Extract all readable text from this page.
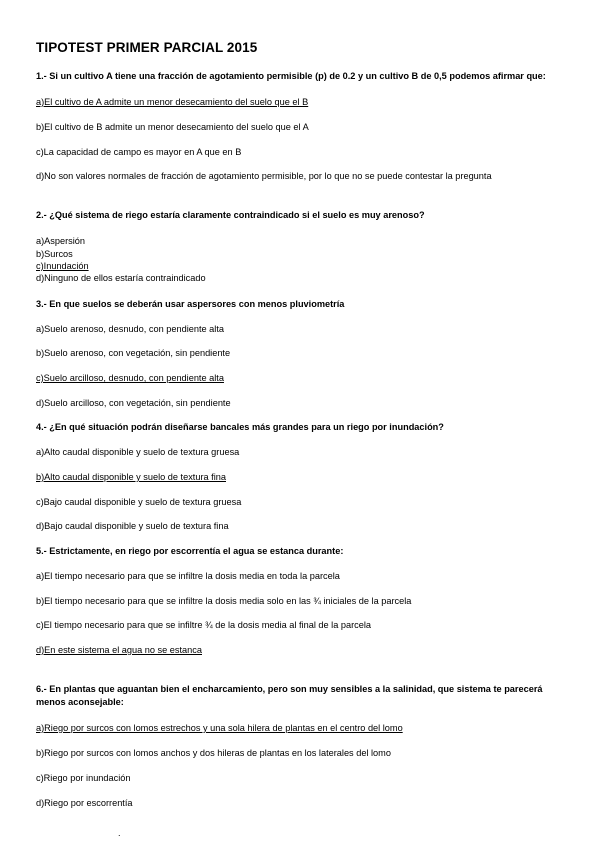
TIPOTEST PRIMER PARCIAL 2015
1.- Si un cultivo A tiene una fracción de agotamiento permisible (p) de 0.2 y un cultivo B de 0,5 podemos afirmar que:
a)El cultivo de A admite un menor desecamiento del suelo que el B
b)El cultivo de B admite un menor desecamiento del suelo que el A
c)La capacidad de campo es mayor en A que en B
d)No son valores normales de fracción de agotamiento permisible, por lo que no se puede contestar la pregunta
2.- ¿Qué sistema de riego estaría claramente contraindicado si el suelo es muy arenoso?
a)Aspersión
b)Surcos
c)Inundación
d)Ninguno de ellos estaría contraindicado
3.- En que suelos se deberán usar aspersores con menos pluviometría
a)Suelo arenoso, desnudo, con pendiente alta
b)Suelo arenoso, con vegetación, sin pendiente
c)Suelo arcilloso, desnudo, con pendiente alta
d)Suelo arcilloso, con vegetación, sin pendiente
4.- ¿En qué situación podrán diseñarse bancales más grandes para un riego por inundación?
a)Alto caudal disponible y suelo de textura gruesa
b)Alto caudal disponible y suelo de textura fina
c)Bajo caudal disponible y suelo de textura gruesa
d)Bajo caudal disponible y suelo de textura fina
5.- Estrictamente, en riego por escorrentía el agua se estanca durante:
a)El tiempo necesario para que se infiltre la dosis media en toda la parcela
b)El tiempo necesario para que se infiltre la dosis media solo en las ¾ iniciales de la parcela
c)El tiempo necesario para que se infiltre ¾ de la dosis media al final de la parcela
d)En este sistema el agua no se estanca
6.- En plantas que aguantan bien el encharcamiento, pero son muy sensibles a la salinidad, que sistema te parecerá menos aconsejable:
a)Riego por surcos con lomos estrechos y una sola hilera de plantas en el centro del lomo
b)Riego por surcos con lomos anchos y dos hileras de plantas en los laterales del lomo
c)Riego por inundación
d)Riego por escorrentía
.
